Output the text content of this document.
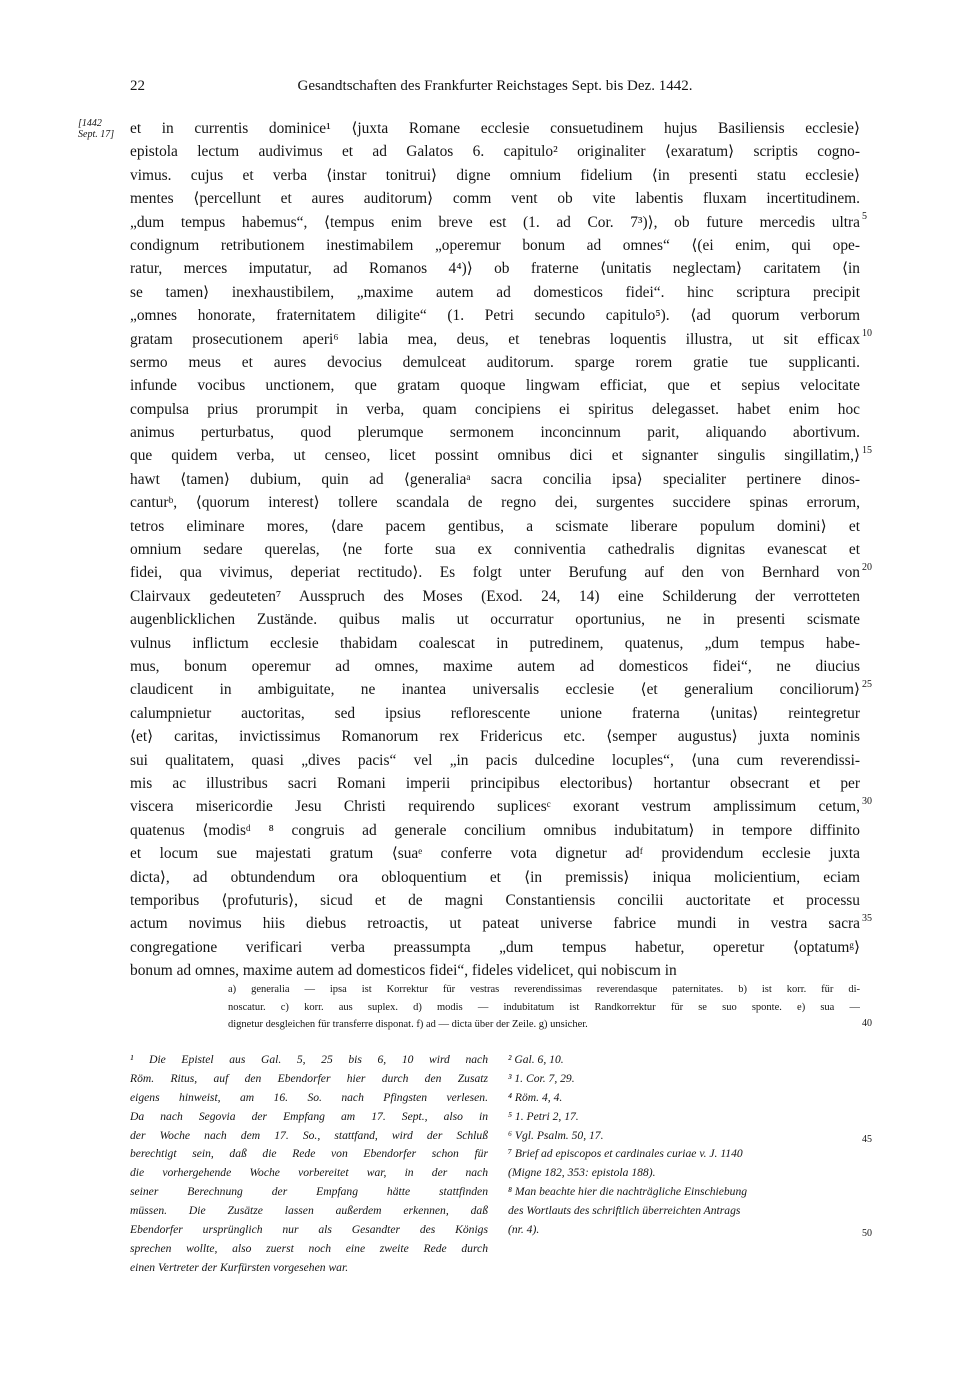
22	Gesandtschaften des Frankfurter Reichstages Sept. bis Dez. 1442.
[1442
Sept. 17]	et in currentis dominice¹ ⟨juxta Romane ecclesie consuetudinem hujus Basiliensis ecclesie⟩
epistola lectum audivimus et ad Galatos 6. capitulo² originaliter ⟨exaratum⟩ scriptis cogno-
vimus. cujus et verba ⟨instar tonitrui⟩ digne omnium fidelium ⟨in presenti statu ecclesie⟩
mentes ⟨percellunt et aures auditorum⟩ comm vent ob vite labentis fluxam incertitudinem.
„dum tempus habemus“, ⟨tempus enim breve est (1. ad Cor. 7³)⟩, ob future mercedis ultra
condignum retributionem inestimabilem „operemur bonum ad omnes“ ⟨(ei enim, qui ope-
ratur, merces imputatur, ad Romanos 4⁴)⟩ ob fraterne ⟨unitatis neglectam⟩ caritatem ⟨in
se tamen⟩ inexhaustibilem, „maxime autem ad domesticos fidei“. hinc scriptura precipit
„omnes honorate, fraternitatem diligite“ (1. Petri secundo capitulo⁵). ⟨ad quorum verborum
gratam prosecutionem aperi⁶ labia mea, deus, et tenebras loquentis illustra, ut sit efficax
sermo meus et aures devocius demulceat auditorum. sparge rorem gratie tue supplicanti.
infunde vocibus unctionem, que gratam quoque lingwam efficiat, que et sepius velocitate
compulsa prius prorumpit in verba, quam concipiens ei spiritus delegasset. habet enim hoc
animus perturbatus, quod plerumque sermonem inconcinnum parit, aliquando abortivum.
que quidem verba, ut censeo, licet possint omnibus dici et signanter singulis singillatim,⟩
hawt ⟨tamen⟩ dubium, quin ad ⟨generaliaᵃ sacra concilia ipsa⟩ specialiter pertinere dinos-
canturᵇ, ⟨quorum interest⟩ tollere scandala de regno dei, surgentes succidere spinas errorum,
tetros eliminare mores, ⟨dare pacem gentibus, a scismate liberare populum domini⟩ et
omnium sedare querelas, ⟨ne forte sua ex conniventia cathedralis dignitas evanescat et
fidei, qua vivimus, deperiat rectitudo⟩. Es folgt unter Berufung auf den von Bernhard von
Clairvaux gedeuteten⁷ Ausspruch des Moses (Exod. 24, 14) eine Schilderung der verrotteten
augenblicklichen Zustände. quibus malis ut occurratur oportunius, ne in presenti scismate
vulnus inflictum ecclesie thabidam coalescat in putredinem, quatenus, „dum tempus habe-
mus, bonum operemur ad omnes, maxime autem ad domesticos fidei“, ne diucius
claudicent in ambiguitate, ne inantea universalis ecclesie ⟨et generalium conciliorum⟩
calumpnietur auctoritas, sed ipsius reflorescente unione fraterna ⟨unitas⟩ reintegretur
⟨et⟩ caritas, invictissimus Romanorum rex Fridericus etc. ⟨semper augustus⟩ juxta nominis
sui qualitatem, quasi „dives pacis“ vel „in pacis dulcedine locuples“, ⟨una cum reverendissi-
mis ac illustribus sacri Romani imperii principibus electoribus⟩ hortantur obsecrant et per
viscera misericordie Jesu Christi requirendo suplicesᶜ exorant vestrum amplissimum cetum,
quatenus ⟨modisᵈ ⁸ congruis ad generale concilium omnibus indubitatum⟩ in tempore diffinito
et locum sue majestati gratum ⟨suaᵉ conferre vota dignetur adᶠ providendum ecclesie juxta
dicta⟩, ad obtundendum ora obloquentium et ⟨in premissis⟩ iniqua molicientium, eciam
temporibus ⟨profuturis⟩, sicud et de magni Constantiensis concilii auctoritate et processu
actum novimus hiis diebus retroactis, ut pateat universe fabrice mundi in vestra sacra
congregatione verificari verba preassumpta „dum tempus habetur, operetur ⟨optatumᵍ⟩
bonum ad omnes, maxime autem ad domesticos fidei“, fideles videlicet, qui nobiscum in
5
10
15
20
25
30
35
a) generalia — ipsa ist Korrektur für vestras reverendissimas reverendasque paternitates. b) ist korr. für di-
noscatur. c) korr. aus suplex. d) modis — indubitatum ist Randkorrektur für se suo sponte. e) sua —
dignetur desgleichen für transferre disponat. f) ad — dicta über der Zeile. g) unsicher.	40
¹ Die Epistel aus Gal. 5, 25 bis 6, 10 wird nach
Röm. Ritus, auf den Ebendorfer hier durch den Zusatz
eigens hinweist, am 16. So. nach Pfingsten verlesen.
Da nach Segovia der Empfang am 17. Sept., also in
der Woche nach dem 17. So., stattfand, wird der Schluß
berechtigt sein, daß die Rede von Ebendorfer schon für
die vorhergehende Woche vorbereitet war, in der nach
seiner Berechnung der Empfang hätte stattfinden
müssen. Die Zusätze lassen außerdem erkennen, daß
Ebendorfer ursprünglich nur als Gesandter des Königs
sprechen wollte, also zuerst noch eine zweite Rede durch
einen Vertreter der Kurfürsten vorgesehen war.
² Gal. 6, 10.
³ 1. Cor. 7, 29.
⁴ Röm. 4, 4.
⁵ 1. Petri 2, 17.
⁶ Vgl. Psalm. 50, 17.
⁷ Brief ad episcopos et cardinales curiae v. J. 1140
(Migne 182, 353: epistola 188).
⁸ Man beachte hier die nachträgliche Einschiebung
des Wortlauts des schriftlich überreichten Antrags
(nr. 4).
45
50
